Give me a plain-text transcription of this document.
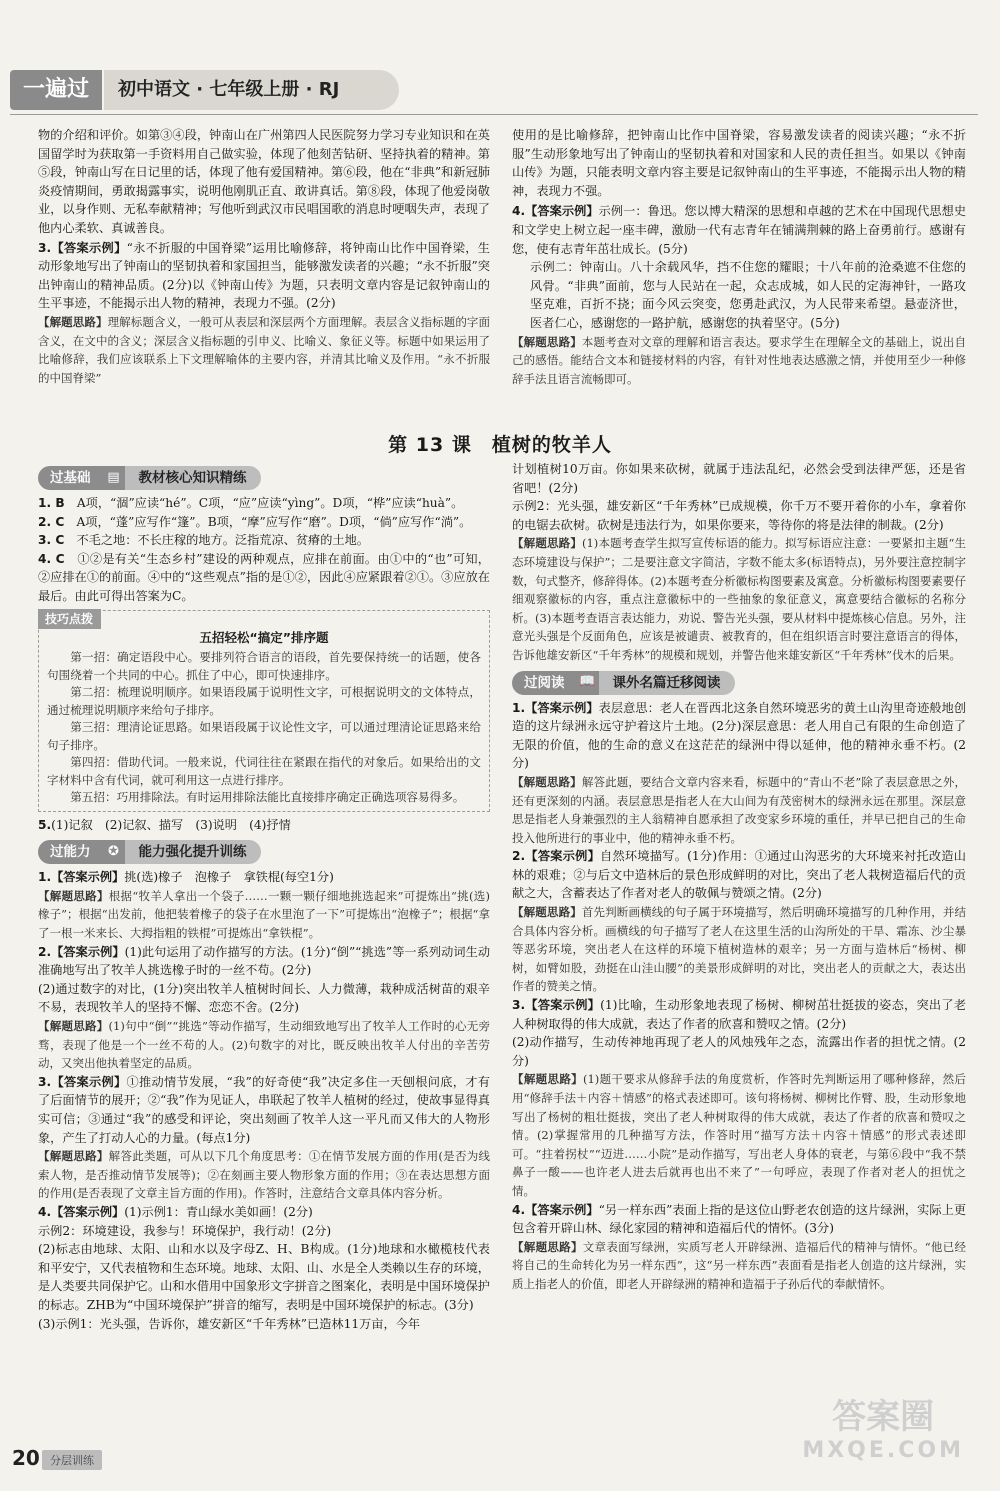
一遍过	初中语文 · 七年级上册 · RJ

物的介绍和评价。如第③④段，钟南山在广州第四人民医院努力学习专业知识和在英国留学时为获取第一手资料用自己做实验，体现了他刻苦钻研、坚持执着的精神。第⑤段，钟南山写在日记里的话，体现了他有爱国精神。第⑥段，他在“非典”和新冠肺炎疫情期间，勇敢揭露事实，说明他刚肌正直、敢讲真话。第⑧段，体现了他爱岗敬业，以身作则、无私奉献精神；写他听到武汉市民唱国歌的消息时哽咽失声，表现了他内心柔软、真诚善良。

3.【答案示例】“永不折服的中国脊梁”运用比喻修辞，将钟南山比作中国脊梁，生动形象地写出了钟南山的坚韧执着和家国担当，能够激发读者的兴趣；“永不折服”突出钟南山的精神品质。(2分)以《钟南山传》为题，只表明文章内容是记叙钟南山的生平事迹，不能揭示出人物的精神，表现力不强。(2分)

【解题思路】理解标题含义，一般可从表层和深层两个方面理解。表层含义指标题的字面含义，在文中的含义；深层含义指标题的引申义、比喻义、象征义等。标题中如果运用了比喻修辞，我们应该联系上下文理解喻体的主要内容，并清其比喻义及作用。“永不折服的中国脊梁”

使用的是比喻修辞，把钟南山比作中国脊梁，容易激发读者的阅读兴趣；“永不折服”生动形象地写出了钟南山的坚韧执着和对国家和人民的责任担当。如果以《钟南山传》为题，只能表明文章内容主要是记叙钟南山的生平事迹，不能揭示出人物的精神，表现力不强。

4.【答案示例】示例一：鲁迅。您以博大精深的思想和卓越的艺术在中国现代思想史和文学史上树立起一座丰碑，激励一代有志青年在铺满荆棘的路上奋勇前行。感谢有您，使有志青年茁壮成长。(5分)

示例二：钟南山。八十余载风华，挡不住您的耀眼；十八年前的沧桑遮不住您的风骨。“非典”面前，您与人民站在一起，众志成城，如人民的定海神针，一路攻坚克难，百折不挠；面今风云突变，您勇赴武汉，为人民带来希望。悬壶济世，医者仁心，感谢您的一路护航，感谢您的执着坚守。(5分)

【解题思路】本题考查对文章的理解和语言表达。要求学生在理解全文的基础上，说出自己的感悟。能结合文本和链接材料的内容，有针对性地表达感激之情，并使用至少一种修辞手法且语言流畅即可。

第 13 课　植树的牧羊人
过基础	▤	教材核心知识精练

1. B　 A项，“涸”应读“hé”。C项，“应”应读“yìng”。D项，“桦”应读“huà”。

2. C　 A项，“蓬”应写作“篷”。B项，“摩”应写作“磨”。D项，“倘”应写作“淌”。

3. C　 不毛之地：不长庄稼的地方。泛指荒凉、贫瘠的土地。

4. C　 ①②是有关“生态乡村”建设的两种观点，应排在前面。由①中的“也”可知，②应排在①的前面。④中的“这些观点”指的是①②，因此④应紧跟着②①。③应放在最后。由此可得出答案为C。

技巧点拨
五招轻松“搞定”排序题

第一招：确定语段中心。要排列符合语言的语段，首先要保持统一的话题，使各句围绕着一个共同的中心。抓住了中心，即可快速排序。

第二招：梳理说明顺序。如果语段属于说明性文字，可根据说明文的文体特点，通过梳理说明顺序来给句子排序。

第三招：理清论证思路。如果语段属于议论性文字，可以通过理清论证思路来给句子排序。

第四招：借助代词。一般来说，代词往往在紧跟在指代的对象后。如果给出的文字材料中含有代词，就可利用这一点进行排序。

第五招：巧用排除法。有时运用排除法能比直接排序确定正确选项容易得多。

5.(1)记叙　(2)记叙、描写　(3)说明　(4)抒情

过能力	✪	能力强化提升训练

1.【答案示例】挑(选)橡子　泡橡子　拿铁棍(每空1分)

【解题思路】根据“牧羊人拿出一个袋子……一颗一颗仔细地挑选起来”可提炼出“挑(选)橡子”；根据“出发前，他把装着橡子的袋子在水里泡了一下”可提炼出“泡橡子”；根据“拿了一根一米来长、大拇指粗的铁棍”可提炼出“拿铁棍”。

2.【答案示例】(1)此句运用了动作描写的方法。(1分)“倒”“挑选”等一系列动词生动准确地写出了牧羊人挑选橡子时的一丝不苟。(2分)
(2)通过数字的对比，(1分)突出牧羊人植树时间长、人力微薄，栽种成活树苗的艰辛不易，表现牧羊人的坚持不懈、恋恋不舍。(2分)

【解题思路】(1)句中“倒”“挑选”等动作描写，生动细致地写出了牧羊人工作时的心无旁骛，表现了他是一个一丝不苟的人。(2)句数字的对比，既反映出牧羊人付出的辛苦劳动，又突出他执着坚定的品质。

3.【答案示例】①推动情节发展，“我”的好奇使“我”决定多住一天刨根问底，才有了后面情节的展开；②“我”作为见证人，串联起了牧羊人植树的经过，使故事显得真实可信；③通过“我”的感受和评论，突出刻画了牧羊人这一平凡而又伟大的人物形象，产生了打动人心的力量。(每点1分)

【解题思路】解答此类题，可从以下几个角度思考：①在情节发展方面的作用(是否为线索人物，是否推动情节发展等)；②在刻画主要人物形象方面的作用；③在表达思想方面的作用(是否表现了文章主旨方面的作用)。作答时，注意结合文章具体内容分析。

4.【答案示例】(1)示例1：青山绿水美如画！(2分)
示例2：环境建设，我参与！环境保护，我行动！(2分)
(2)标志由地球、太阳、山和水以及字母Z、H、B构成。(1分)地球和水橄榄枝代表和平安宁，又代表植物和生态环境。地球、太阳、山、水是全人类赖以生存的环境，是人类要共同保护它。山和水借用中国象形文字拼音之图案化，表明是中国环境保护的标志。ZHB为“中国环境保护”拼音的缩写，表明是中国环境保护的标志。(3分)
(3)示例1：光头强，告诉你，雄安新区“千年秀林”已造林11万亩，今年

计划植树10万亩。你如果来砍树，就属于违法乱纪，必然会受到法律严惩，还是省省吧！(2分)

示例2：光头强，雄安新区“千年秀林”已成规模，你千万不要开着你的小车，拿着你的电锯去砍树。砍树是违法行为，如果你要来，等待你的将是法律的制裁。(2分)

【解题思路】(1)本题考查学生拟写宣传标语的能力。拟写标语应注意：一要紧扣主题“生态环境建设与保护”；二是要注意文字简洁，字数不能太多(标语特点)，另外要注意控制字数，句式整齐，修辞得体。(2)本题考查分析徽标构图要素及寓意。分析徽标构图要素要仔细观察徽标的内容，重点注意徽标中的一些抽象的象征意义，寓意要结合徽标的名称分析。(3)本题考查语言表达能力，劝说、警告光头强，要从材料中提炼核心信息。另外，注意光头强是个反面角色，应该是被谴责、被教育的，但在组织语言时要注意语言的得体，告诉他雄安新区“千年秀林”的规模和规划，并警告他来雄安新区“千年秀林”伐木的后果。

过阅读	📖	课外名篇迁移阅读

1.【答案示例】表层意思：老人在晋西北这条自然环境恶劣的黄土山沟里奇迹般地创造的这片绿洲永远守护着这片土地。(2分)深层意思：老人用自己有限的生命创造了无限的价值，他的生命的意义在这茫茫的绿洲中得以延伸，他的精神永垂不朽。(2分)

【解题思路】解答此题，要结合文章内容来看，标题中的“青山不老”除了表层意思之外，还有更深刻的内涵。表层意思是指老人在大山间为有茂密树木的绿洲永远在那里。深层意思是指老人身兼强烈的主人翁精神自愿承担了改变家乡环境的重任，并早已把自己的生命投入他所进行的事业中，他的精神永垂不朽。

2.【答案示例】自然环境描写。(1分)作用：①通过山沟恶劣的大环境来衬托改造山林的艰难；②与后文中造林后的景色形成鲜明的对比，突出了老人栽树造福后代的贡献之大，含蓄表达了作者对老人的敬佩与赞颂之情。(2分)

【解题思路】首先判断画横线的句子属于环境描写，然后明确环境描写的几种作用，并结合具体内容分析。画横线的句子描写了老人在这里生活的山沟所处的干旱、霜冻、沙尘暴等恶劣环境，突出老人在这样的环境下植树造林的艰辛；另一方面与造林后“杨树、柳树，如臂如股，劲挺在山洼山腰”的美景形成鲜明的对比，突出老人的贡献之大，表达出作者的赞美之情。

3.【答案示例】(1)比喻，生动形象地表现了杨树、柳树茁壮挺拔的姿态，突出了老人种树取得的伟大成就，表达了作者的欣喜和赞叹之情。(2分)
(2)动作描写，生动传神地再现了老人的风烛残年之态，流露出作者的担忧之情。(2分)

【解题思路】(1)题干要求从修辞手法的角度赏析，作答时先判断运用了哪种修辞，然后用“修辞手法＋内容＋情感”的格式表述即可。该句将杨树、柳树比作臂、股，生动形象地写出了杨树的粗壮挺拔，突出了老人种树取得的伟大成就，表达了作者的欣喜和赞叹之情。(2)掌握常用的几种描写方法，作答时用“描写方法＋内容＋情感”的形式表述即可。“拄着拐杖”“迈进……小院”是动作描写，写出老人身体的衰老，与第⑥段中“我不禁鼻子一酸——也许老人进去后就再也出不来了”一句呼应，表现了作者对老人的担忧之情。

4.【答案示例】“另一样东西”表面上指的是这位山野老农创造的这片绿洲，实际上更包含着开辟山林、绿化家园的精神和造福后代的情怀。(3分)

【解题思路】文章表面写绿洲，实质写老人开辟绿洲、造福后代的精神与情怀。“他已经将自己的生命转化为另一样东西”，这“另一样东西”表面看是指老人创造的这片绿洲，实质上指老人的价值，即老人开辟绿洲的精神和造福于子孙后代的奉献情怀。

20 分层训练
答案圈
MXQE.COM
